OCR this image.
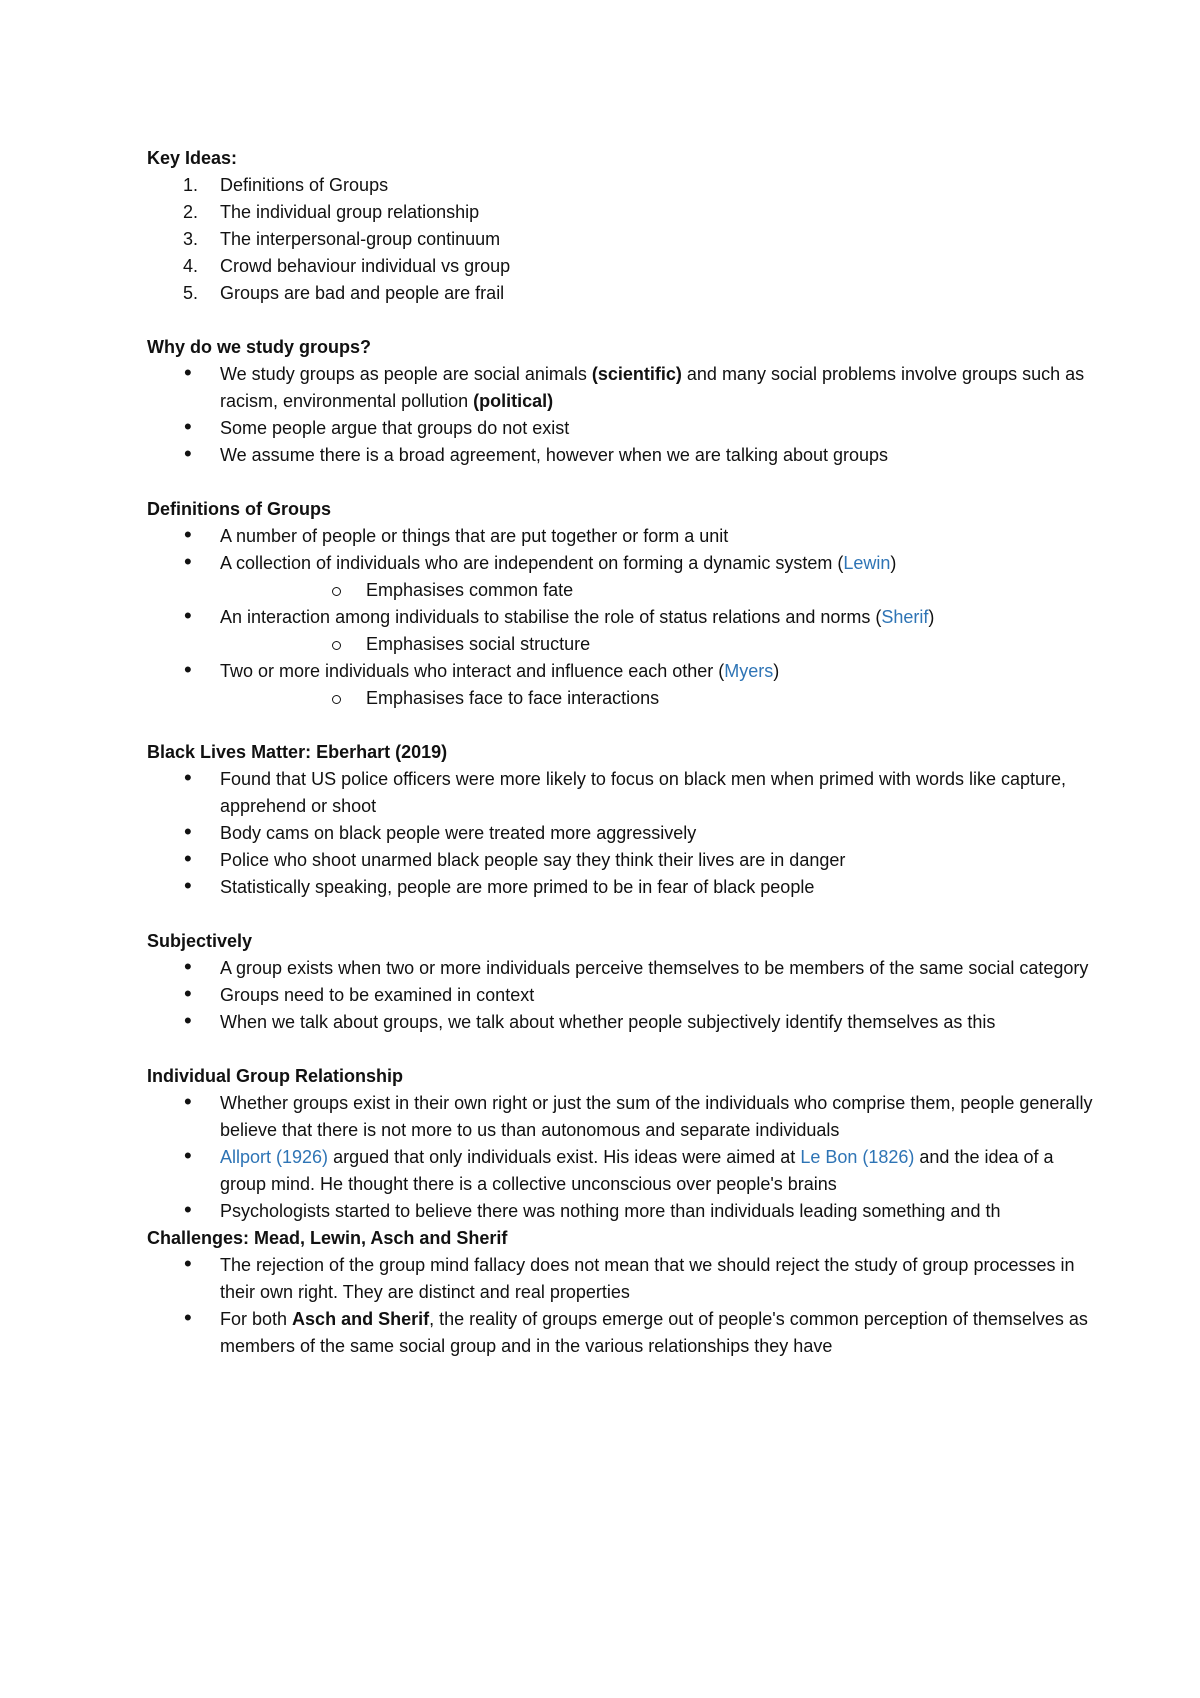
Key Ideas:

1.	Definitions of Groups
2.	The individual group relationship
3.	The interpersonal-group continuum
4.	Crowd behaviour individual vs group
5.	Groups are bad and people are frail

Why do we study groups?

• We study groups as people are social animals (scientific) and many social problems involve groups such as racism, environmental pollution (political)
• Some people argue that groups do not exist
• We assume there is a broad agreement, however when we are talking about groups

Definitions of Groups

• A number of people or things that are put together or form a unit
• A collection of individuals who are independent on forming a dynamic system (Lewin)
Emphasises common fate
• An interaction among individuals to stabilise the role of status relations and norms (Sherif)
Emphasises social structure
• Two or more individuals who interact and influence each other (Myers)
Emphasises face to face interactions

Black Lives Matter: Eberhart (2019)

• Found that US police officers were more likely to focus on black men when primed with words like capture, apprehend or shoot
• Body cams on black people were treated more aggressively
• Police who shoot unarmed black people say they think their lives are in danger
• Statistically speaking, people are more primed to be in fear of black people

Subjectively

• A group exists when two or more individuals perceive themselves to be members of the same social category
• Groups need to be examined in context
• When we talk about groups, we talk about whether people subjectively identify themselves as this

Individual Group Relationship

• Whether groups exist in their own right or just the sum of the individuals who comprise them, people generally believe that there is not more to us than autonomous and separate individuals
• Allport (1926) argued that only individuals exist. His ideas were aimed at Le Bon (1826) and the idea of a group mind. He thought there is a collective unconscious over people's brains
• Psychologists started to believe there was nothing more than individuals leading something and th

Challenges: Mead, Lewin, Asch and Sherif

• The rejection of the group mind fallacy does not mean that we should reject the study of group processes in their own right. They are distinct and real properties
• For both Asch and Sherif, the reality of groups emerge out of people's common perception of themselves as members of the same social group and in the various relationships they have
